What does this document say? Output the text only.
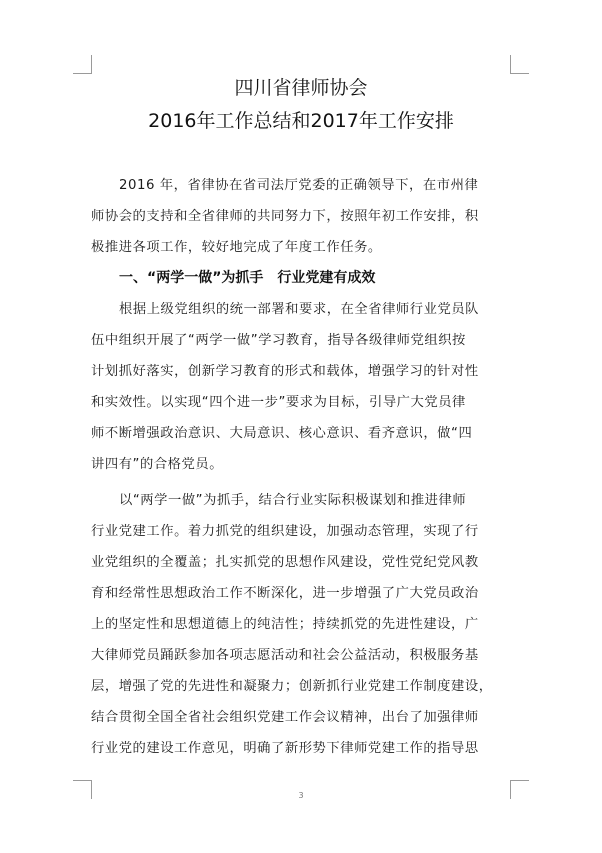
四川省律师协会
2016年工作总结和2017年工作安排
2016 年，省律协在省司法厅党委的正确领导下，在市州律
师协会的支持和全省律师的共同努力下，按照年初工作安排，积
极推进各项工作，较好地完成了年度工作任务。
一、“两学一做”为抓手　行业党建有成效
根据上级党组织的统一部署和要求，在全省律师行业党员队
伍中组织开展了“两学一做”学习教育，指导各级律师党组织按
计划抓好落实，创新学习教育的形式和载体，增强学习的针对性
和实效性。以实现“四个进一步”要求为目标，引导广大党员律
师不断增强政治意识、大局意识、核心意识、看齐意识，做“四
讲四有”的合格党员。
以“两学一做”为抓手，结合行业实际积极谋划和推进律师
行业党建工作。着力抓党的组织建设，加强动态管理，实现了行
业党组织的全覆盖；扎实抓党的思想作风建设，党性党纪党风教
育和经常性思想政治工作不断深化，进一步增强了广大党员政治
上的坚定性和思想道德上的纯洁性；持续抓党的先进性建设，广
大律师党员踊跃参加各项志愿活动和社会公益活动，积极服务基
层，增强了党的先进性和凝聚力；创新抓行业党建工作制度建设，
结合贯彻全国全省社会组织党建工作会议精神，出台了加强律师
行业党的建设工作意见，明确了新形势下律师党建工作的指导思
3
